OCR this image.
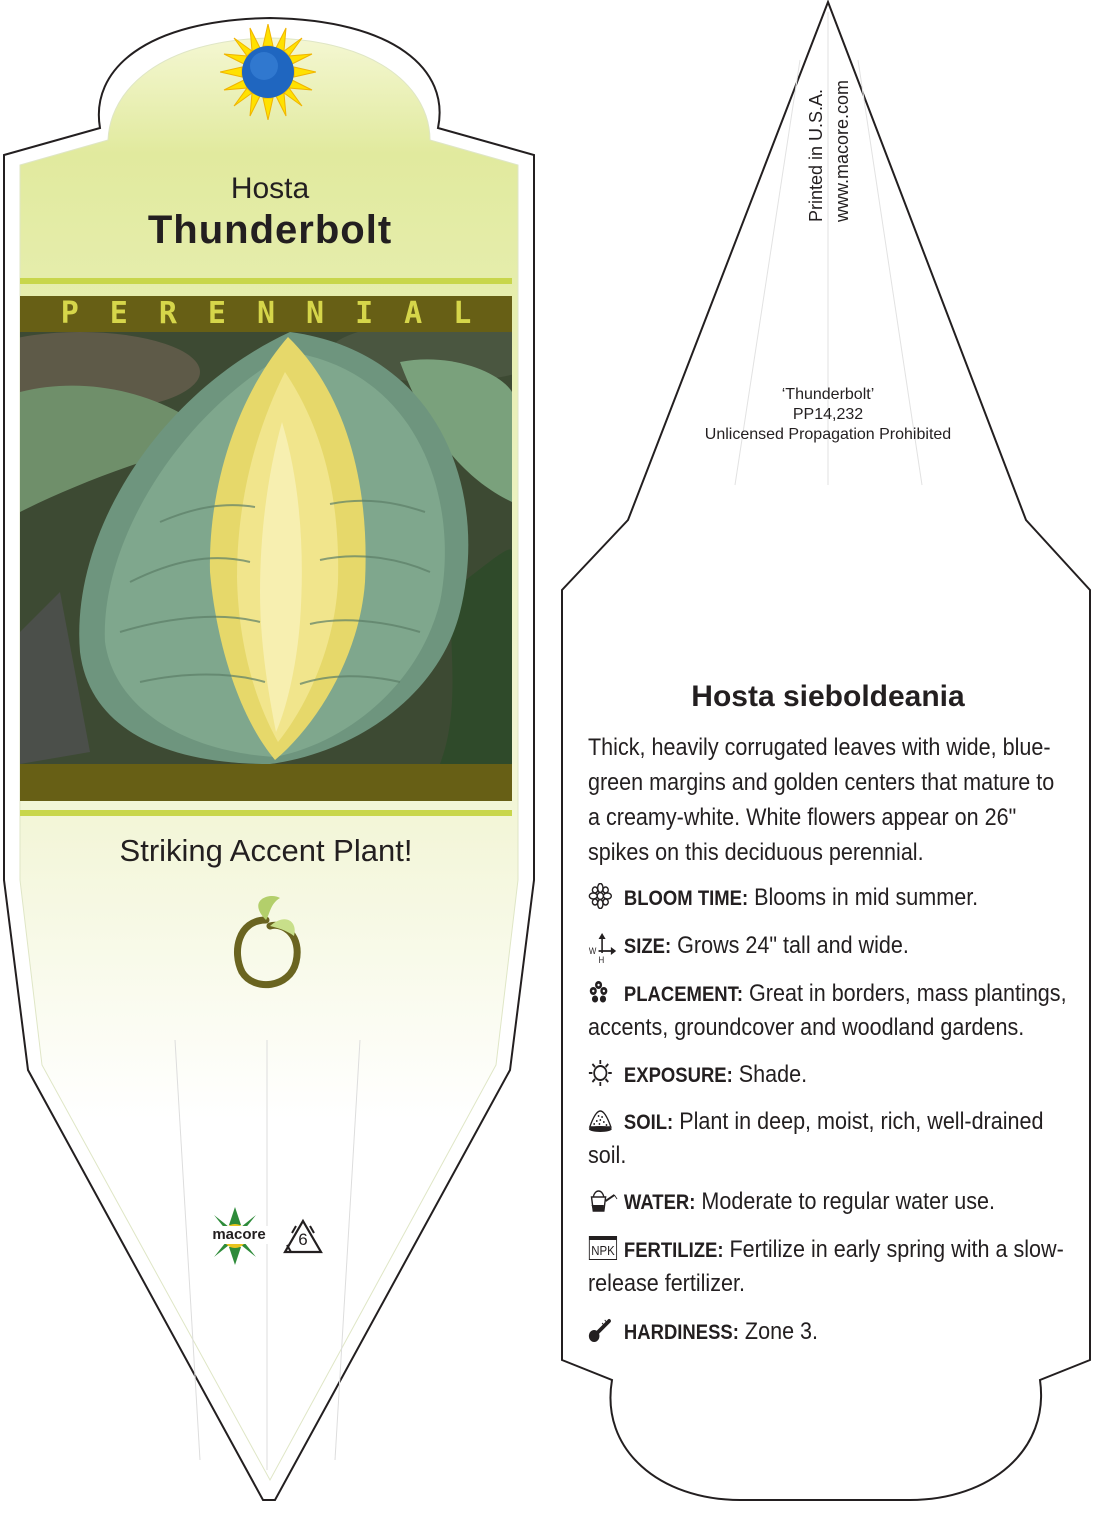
Hosta
Thunderbolt
PERENNIAL
Striking Accent Plant!
macore	6
Printed in U.S.A. www.macore.com
‘Thunderbolt’
PP14,232
Unlicensed Propagation Prohibited
Hosta sieboldeania
Thick, heavily corrugated leaves with wide, blue-green margins and golden centers that mature to a creamy-white. White flowers appear on 26" spikes on this deciduous perennial.
BLOOM TIME: Blooms in mid summer.
W
H
SIZE: Grows 24" tall and wide.
PLACEMENT: Great in borders, mass plantings, accents, groundcover and woodland gardens.
EXPOSURE: Shade.
SOIL: Plant in deep, moist, rich, well-drained soil.
WATER: Moderate to regular water use.
NPK FERTILIZE: Fertilize in early spring with a slow-release fertilizer.
HARDINESS: Zone 3.
